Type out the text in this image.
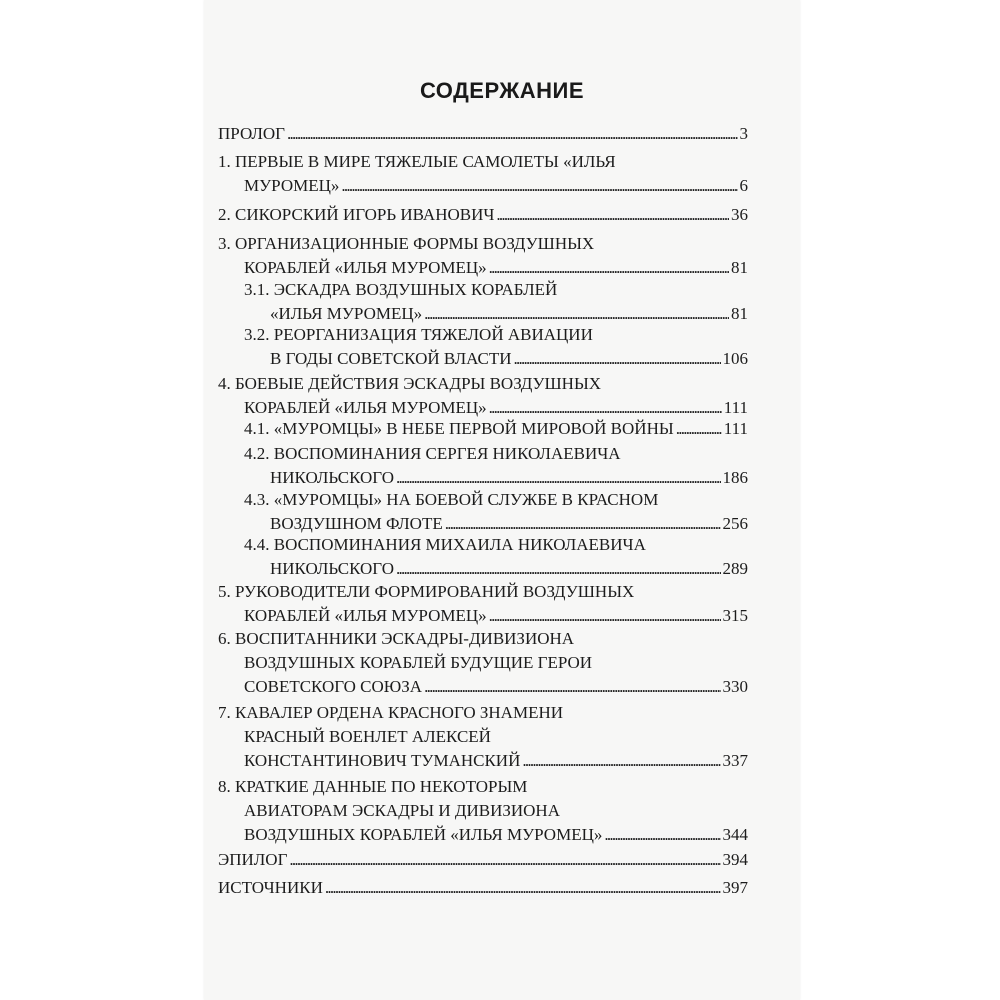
СОДЕРЖАНИЕ
ПРОЛОГ . . .	3
1. ПЕРВЫЕ В МИРЕ ТЯЖЕЛЫЕ САМОЛЕТЫ «ИЛЬЯ
МУРОМЕЦ» . . .	6
2. СИКОРСКИЙ ИГОРЬ ИВАНОВИЧ . . .	36
3. ОРГАНИЗАЦИОННЫЕ ФОРМЫ ВОЗДУШНЫХ
КОРАБЛЕЙ «ИЛЬЯ МУРОМЕЦ» . . .	81
3.1. ЭСКАДРА ВОЗДУШНЫХ КОРАБЛЕЙ
«ИЛЬЯ МУРОМЕЦ» . . .	81
3.2. РЕОРГАНИЗАЦИЯ ТЯЖЕЛОЙ АВИАЦИИ
В ГОДЫ СОВЕТСКОЙ ВЛАСТИ . . .	106
4. БОЕВЫЕ ДЕЙСТВИЯ ЭСКАДРЫ ВОЗДУШНЫХ
КОРАБЛЕЙ «ИЛЬЯ МУРОМЕЦ» . . .	111
4.1. «МУРОМЦЫ» В НЕБЕ ПЕРВОЙ МИРОВОЙ ВОЙНЫ . . .	111
4.2. ВОСПОМИНАНИЯ СЕРГЕЯ НИКОЛАЕВИЧА
НИКОЛЬСКОГО . . .	186
4.3. «МУРОМЦЫ» НА БОЕВОЙ СЛУЖБЕ В КРАСНОМ
ВОЗДУШНОМ ФЛОТЕ . . .	256
4.4. ВОСПОМИНАНИЯ МИХАИЛА НИКОЛАЕВИЧА
НИКОЛЬСКОГО . . .	289
5. РУКОВОДИТЕЛИ ФОРМИРОВАНИЙ ВОЗДУШНЫХ
КОРАБЛЕЙ «ИЛЬЯ МУРОМЕЦ» . . .	315
6. ВОСПИТАННИКИ ЭСКАДРЫ-ДИВИЗИОНА
ВОЗДУШНЫХ КОРАБЛЕЙ БУДУЩИЕ ГЕРОИ
СОВЕТСКОГО СОЮЗА . . .	330
7. КАВАЛЕР ОРДЕНА КРАСНОГО ЗНАМЕНИ
КРАСНЫЙ ВОЕНЛЕТ АЛЕКСЕЙ
КОНСТАНТИНОВИЧ ТУМАНСКИЙ . . .	337
8. КРАТКИЕ ДАННЫЕ ПО НЕКОТОРЫМ
АВИАТОРАМ ЭСКАДРЫ И ДИВИЗИОНА
ВОЗДУШНЫХ КОРАБЛЕЙ «ИЛЬЯ МУРОМЕЦ» . . .	344
ЭПИЛОГ . . .	394
ИСТОЧНИКИ . . .	397
